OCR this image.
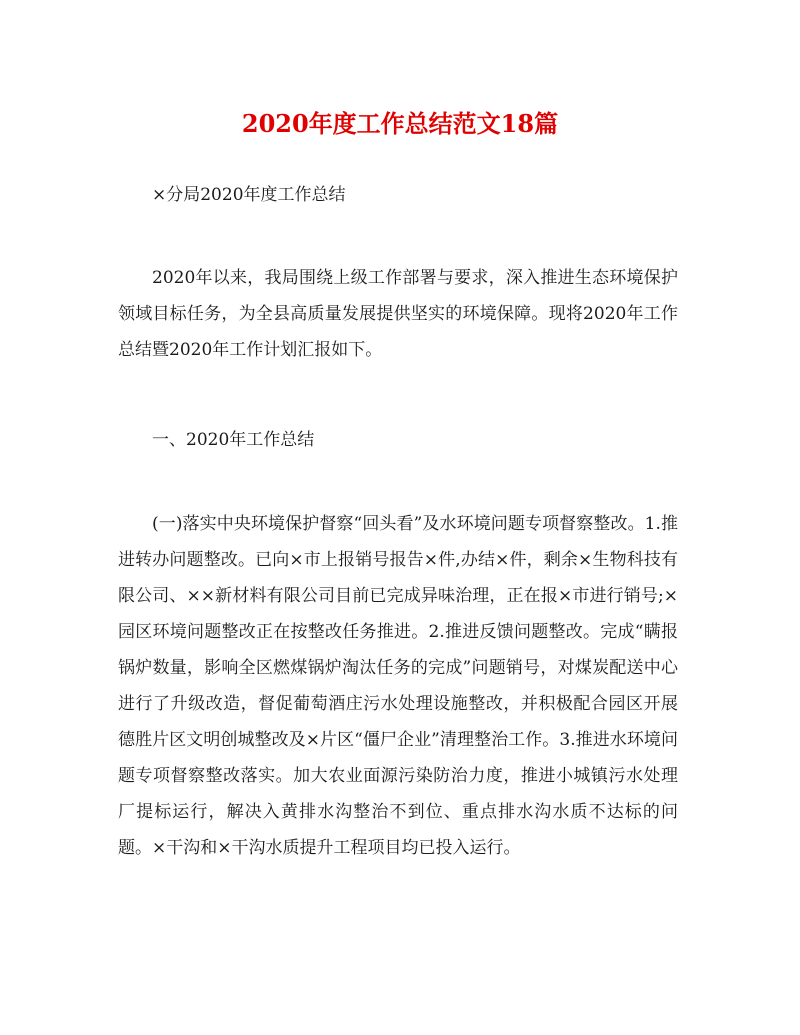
2020年度工作总结范文18篇

×分局2020年度工作总结

2020年以来，我局围绕上级工作部署与要求，深入推进生态环境保护领域目标任务，为全县高质量发展提供坚实的环境保障。现将2020年工作总结暨2020年工作计划汇报如下。

一、2020年工作总结

(一)落实中央环境保护督察“回头看”及水环境问题专项督察整改。1.推进转办问题整改。已向×市上报销号报告×件,办结×件，剩余×生物科技有限公司、××新材料有限公司目前已完成异味治理，正在报×市进行销号;×园区环境问题整改正在按整改任务推进。2.推进反馈问题整改。完成“瞒报锅炉数量，影响全区燃煤锅炉淘汰任务的完成”问题销号，对煤炭配送中心进行了升级改造，督促葡萄酒庄污水处理设施整改，并积极配合园区开展德胜片区文明创城整改及×片区“僵尸企业”清理整治工作。3.推进水环境问题专项督察整改落实。加大农业面源污染防治力度，推进小城镇污水处理厂提标运行，解决入黄排水沟整治不到位、重点排水沟水质不达标的问题。×干沟和×干沟水质提升工程项目均已投入运行。
